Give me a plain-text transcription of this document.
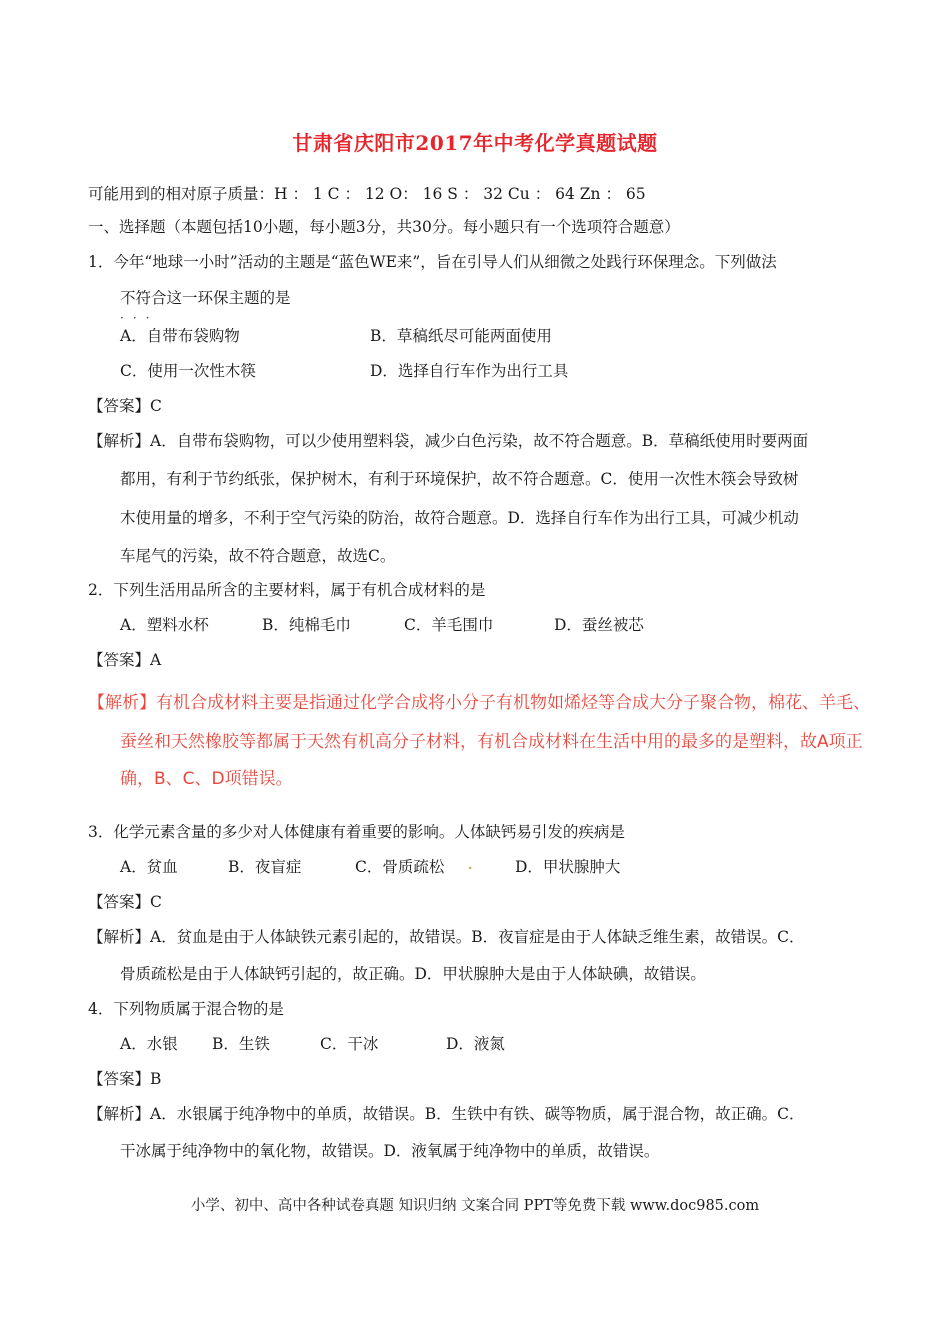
甘肃省庆阳市2017年中考化学真题试题
可能用到的相对原子质量：H ： 1 C ： 12 O： 16 S ： 32 Cu ： 64 Zn ： 65
一、选择题（本题包括10小题，每小题3分，共30分。每小题只有一个选项符合题意）
1．今年“地球一小时”活动的主题是“蓝色WE来”，旨在引导人们从细微之处践行环保理念。下列做法
不符合这一环保主题的是
···
A．自带布袋购物	B．草稿纸尽可能两面使用
C．使用一次性木筷	D．选择自行车作为出行工具
【答案】C
【解析】A．自带布袋购物，可以少使用塑料袋，减少白色污染，故不符合题意。B．草稿纸使用时要两面
都用，有利于节约纸张，保护树木，有利于环境保护，故不符合题意。C．使用一次性木筷会导致树
木使用量的增多，不利于空气污染的防治，故符合题意。D．选择自行车作为出行工具，可减少机动
车尾气的污染，故不符合题意，故选C。
2．下列生活用品所含的主要材料，属于有机合成材料的是
A．塑料水杯	B．纯棉毛巾	C．羊毛围巾	D．蚕丝被芯
【答案】A
【解析】有机合成材料主要是指通过化学合成将小分子有机物如烯烃等合成大分子聚合物，棉花、羊毛、
蚕丝和天然橡胶等都属于天然有机高分子材料，有机合成材料在生活中用的最多的是塑料，故A项正
确，B、C、D项错误。
3．化学元素含量的多少对人体健康有着重要的影响。人体缺钙易引发的疾病是
A．贫血	B．夜盲症	C．骨质疏松 .	D．甲状腺肿大
【答案】C
【解析】A．贫血是由于人体缺铁元素引起的，故错误。B．夜盲症是由于人体缺乏维生素，故错误。C．
骨质疏松是由于人体缺钙引起的，故正确。D．甲状腺肿大是由于人体缺碘，故错误。
4．下列物质属于混合物的是
A．水银 B．生铁	C．干冰	D．液氮
【答案】B
【解析】A．水银属于纯净物中的单质，故错误。B．生铁中有铁、碳等物质，属于混合物，故正确。C．
干冰属于纯净物中的氧化物，故错误。D．液氧属于纯净物中的单质，故错误。
小学、初中、高中各种试卷真题 知识归纳 文案合同 PPT等免费下载 www.doc985.com
